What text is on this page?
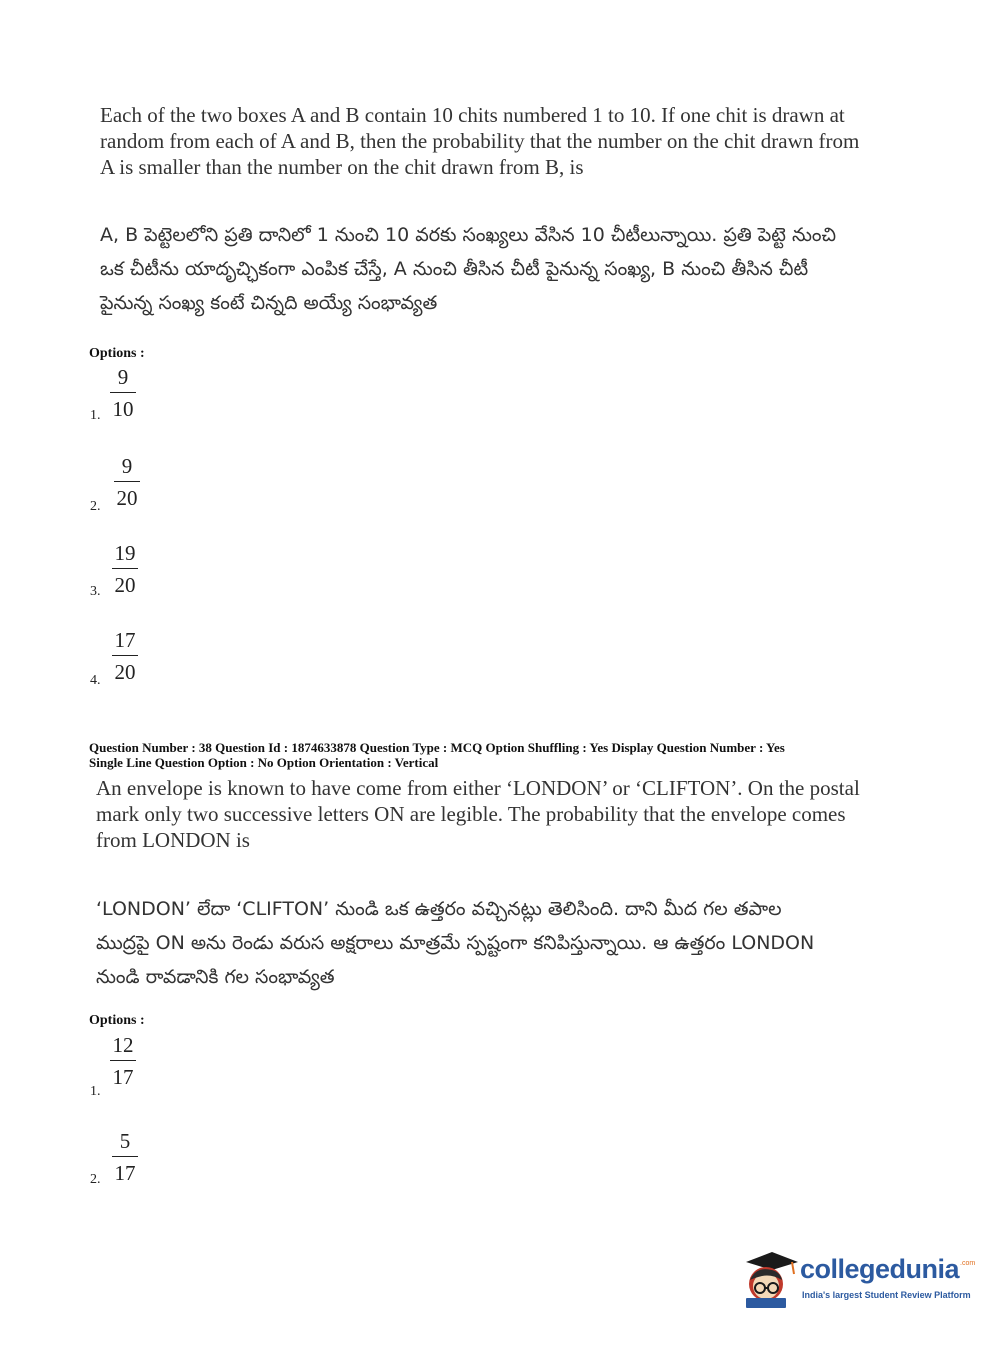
Each of the two boxes A and B contain 10 chits numbered 1 to 10. If one chit is drawn at
random from each of A and B, then the probability that the number on the chit drawn from
A is smaller than the number on the chit drawn from B, is
A, B పెట్టెలలోని ప్రతి దానిలో 1 నుంచి 10 వరకు సంఖ్యలు వేసిన 10 చీటీలున్నాయి. ప్రతి పెట్టె నుంచి
ఒక చీటీను యాదృచ్ఛికంగా ఎంపిక చేస్తే, A నుంచి తీసిన చీటీ పైనున్న సంఖ్య, B నుంచి తీసిన చీటీ
పైనున్న సంఖ్య కంటే చిన్నది అయ్యే సంభావ్యత
Options :
9
10
1.
9
20
2.
19
20
3.
17
20
4.
Question Number : 38 Question Id : 1874633878 Question Type : MCQ Option Shuffling : Yes Display Question Number : Yes
Single Line Question Option : No Option Orientation : Vertical
An envelope is known to have come from either ‘LONDON’ or ‘CLIFTON’. On the postal
mark only two successive letters ON are legible. The probability that the envelope comes
from LONDON is
‘LONDON’ లేదా ‘CLIFTON’ నుండి ఒక ఉత్తరం వచ్చినట్లు తెలిసింది. దాని మీద గల తపాల
ముద్రపై ON అను రెండు వరుస అక్షరాలు మాత్రమే స్పష్టంగా కనిపిస్తున్నాయి. ఆ ఉత్తరం LONDON
నుండి రావడానికి గల సంభావ్యత
Options :
12
17
1.
5
17
2.
collegedunia .com
India's largest Student Review Platform
